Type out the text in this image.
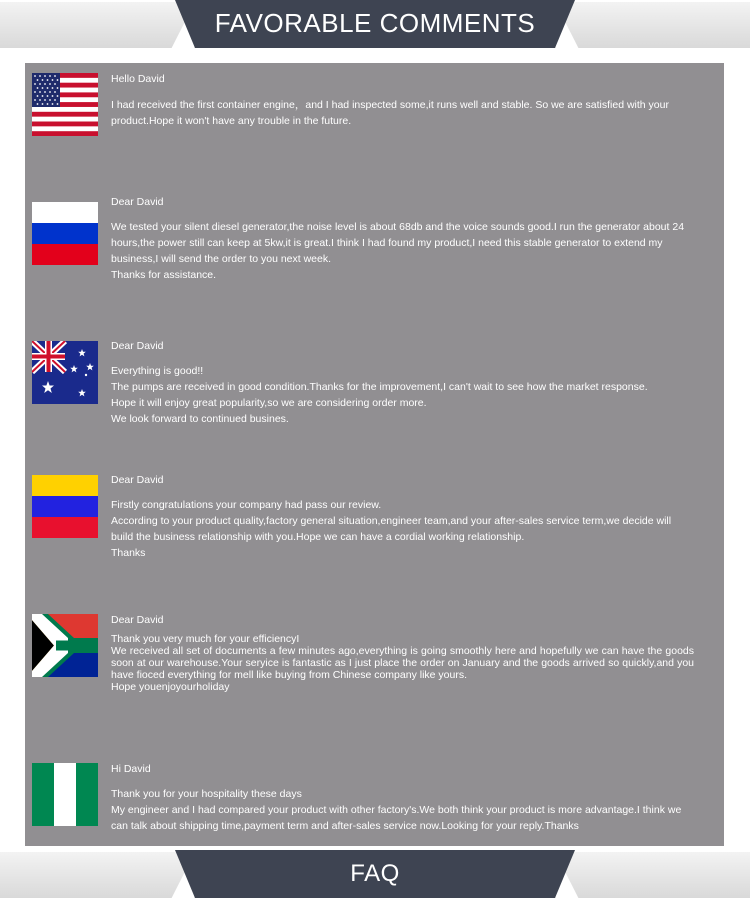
FAVORABLE COMMENTS
Hello David

I had received the first container engine，and I had inspected some,it runs well and stable. So we are satisfied with your product.Hope it won't have any trouble in the future.

Dear David

We tested your silent diesel generator,the noise level is about 68db and the voice sounds good.I run the generator about 24 hours,the power still can keep at 5kw,it is great.I think I had found my product,I need this stable generator to extend my business,I will send the order to you next week.

Thanks for assistance.

Dear David

Everything is good!!

The pumps are received in good condition.Thanks for the improvement,I can't wait to see how the market response.

Hope it will enjoy great popularity,so we are considering order more.

We look forward to continued busines.

Dear David

Firstly congratulations your company had pass our review.

According to your product quality,factory general situation,engineer team,and your after-sales service term,we decide will build the business relationship with you.Hope we can have a cordial working relationship.

Thanks

Dear David

Thank you very much for your efficiencyI

We received all set of documents a few minutes ago,everything is going smoothly here and hopefully we can have the goods soon at our warehouse.Your seryice is fantastic as I just place the order on January and the goods arrived so quickly,and you have fioced everything for mell like buying from Chinese company like yours.

Hope youenjoyourholiday

Hi David

Thank you for your hospitality these days

My engineer and I had compared your product with other factory's.We both think your product is more advantage.I think we can talk about shipping time,payment term and after-sales service now.Looking for your reply.Thanks

FAQ
